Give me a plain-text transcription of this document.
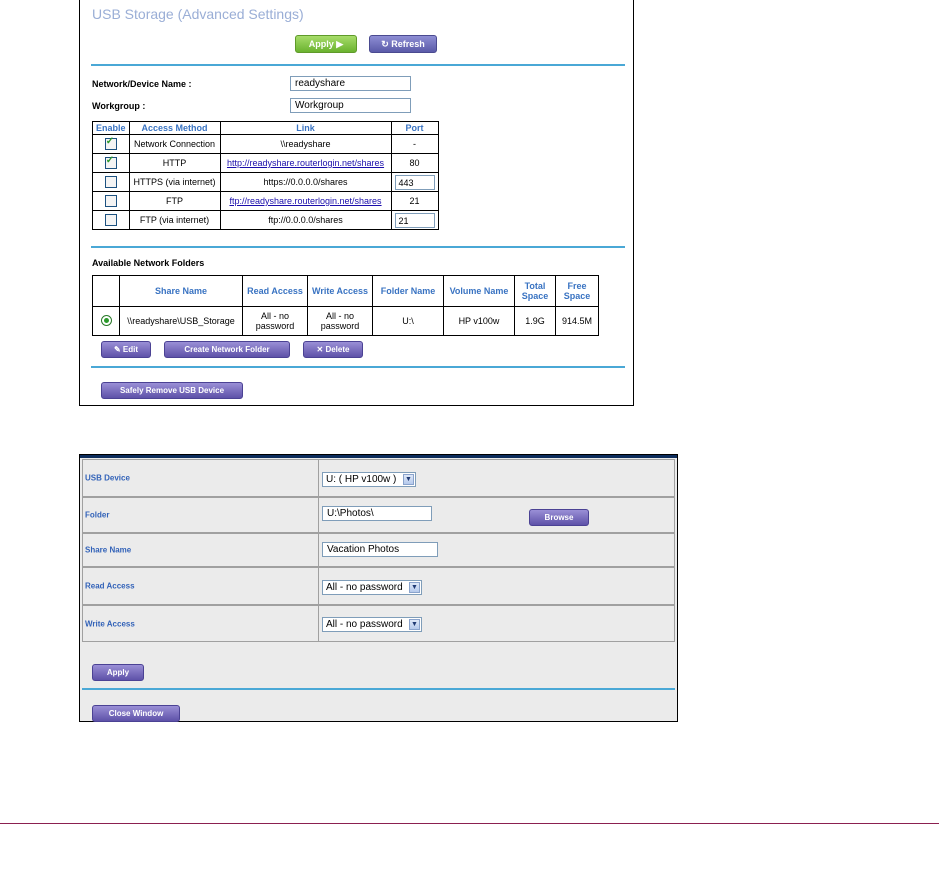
USB Storage (Advanced Settings)
Apply ▶	↻ Refresh
Network/Device Name :	readyshare
Workgroup :	Workgroup
Enable	Access Method	Link	Port
✓	Network Connection	\\readyshare	-
✓	HTTP	http://readyshare.routerlogin.net/shares	80
	HTTPS (via internet)	https://0.0.0.0/shares	443
	FTP	ftp://readyshare.routerlogin.net/shares	21
	FTP (via internet)	ftp://0.0.0.0/shares	21
Available Network Folders
	Share Name	Read Access	Write Access	Folder Name	Volume Name	Total Space	Free Space
	\\readyshare\USB_Storage	All - no password	All - no password	U:\	HP v100w	1.9G	914.5M
✎ Edit	Create Network Folder	✕ Delete
Safely Remove USB Device
USB Device	U: ( HP v100w ) ▼
Folder	U:\Photos\	Browse
Share Name	Vacation Photos
Read Access	All - no password ▼
Write Access	All - no password ▼
Apply
Close Window
